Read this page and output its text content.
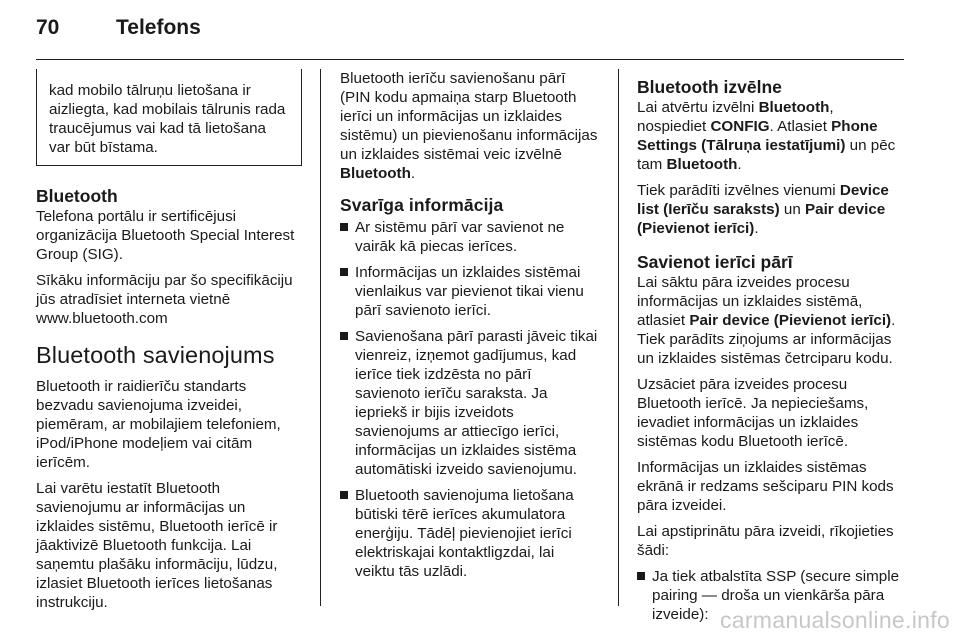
70	Telefons
kad mobilo tālruņu lietošana ir aizliegta, kad mobilais tālrunis rada traucējumus vai kad tā lietošana var būt bīstama.
Bluetooth

Telefona portālu ir sertificējusi organizācija Bluetooth Special Interest Group (SIG).

Sīkāku informāciju par šo specifikāciju jūs atradīsiet interneta vietnē www.bluetooth.com

Bluetooth savienojums

Bluetooth ir raidierīču standarts bezvadu savienojuma izveidei, piemēram, ar mobilajiem telefoniem, iPod/iPhone modeļiem vai citām ierīcēm.

Lai varētu iestatīt Bluetooth savienojumu ar informācijas un izklaides sistēmu, Bluetooth ierīcē ir jāaktivizē Bluetooth funkcija. Lai saņemtu plašāku informāciju, lūdzu, izlasiet Bluetooth ierīces lietošanas instrukciju.

Bluetooth ierīču savienošanu pārī (PIN kodu apmaiņa starp Bluetooth ierīci un informācijas un izklaides sistēmu) un pievienošanu informācijas un izklaides sistēmai veic izvēlnē Bluetooth.

Svarīga informācija
Ar sistēmu pārī var savienot ne vairāk kā piecas ierīces.
Informācijas un izklaides sistēmai vienlaikus var pievienot tikai vienu pārī savienoto ierīci.
Savienošana pārī parasti jāveic tikai vienreiz, izņemot gadījumus, kad ierīce tiek izdzēsta no pārī savienoto ierīču saraksta. Ja iepriekš ir bijis izveidots savienojums ar attiecīgo ierīci, informācijas un izklaides sistēma automātiski izveido savienojumu.
Bluetooth savienojuma lietošana būtiski tērē ierīces akumulatora enerģiju. Tādēļ pievienojiet ierīci elektriskajai kontaktligzdai, lai veiktu tās uzlādi.
Bluetooth izvēlne

Lai atvērtu izvēlni Bluetooth, nospiediet CONFIG. Atlasiet Phone Settings (Tālruņa iestatījumi) un pēc tam Bluetooth.

Tiek parādīti izvēlnes vienumi Device list (Ierīču saraksts) un Pair device (Pievienot ierīci).

Savienot ierīci pārī

Lai sāktu pāra izveides procesu informācijas un izklaides sistēmā, atlasiet Pair device (Pievienot ierīci). Tiek parādīts ziņojums ar informācijas un izklaides sistēmas četrciparu kodu.

Uzsāciet pāra izveides procesu Bluetooth ierīcē. Ja nepieciešams, ievadiet informācijas un izklaides sistēmas kodu Bluetooth ierīcē.

Informācijas un izklaides sistēmas ekrānā ir redzams sešciparu PIN kods pāra izveidei.

Lai apstiprinātu pāra izveidi, rīkojieties šādi:

Ja tiek atbalstīta SSP (secure simple pairing — droša un vienkārša pāra izveide): carmanualsonline.info
